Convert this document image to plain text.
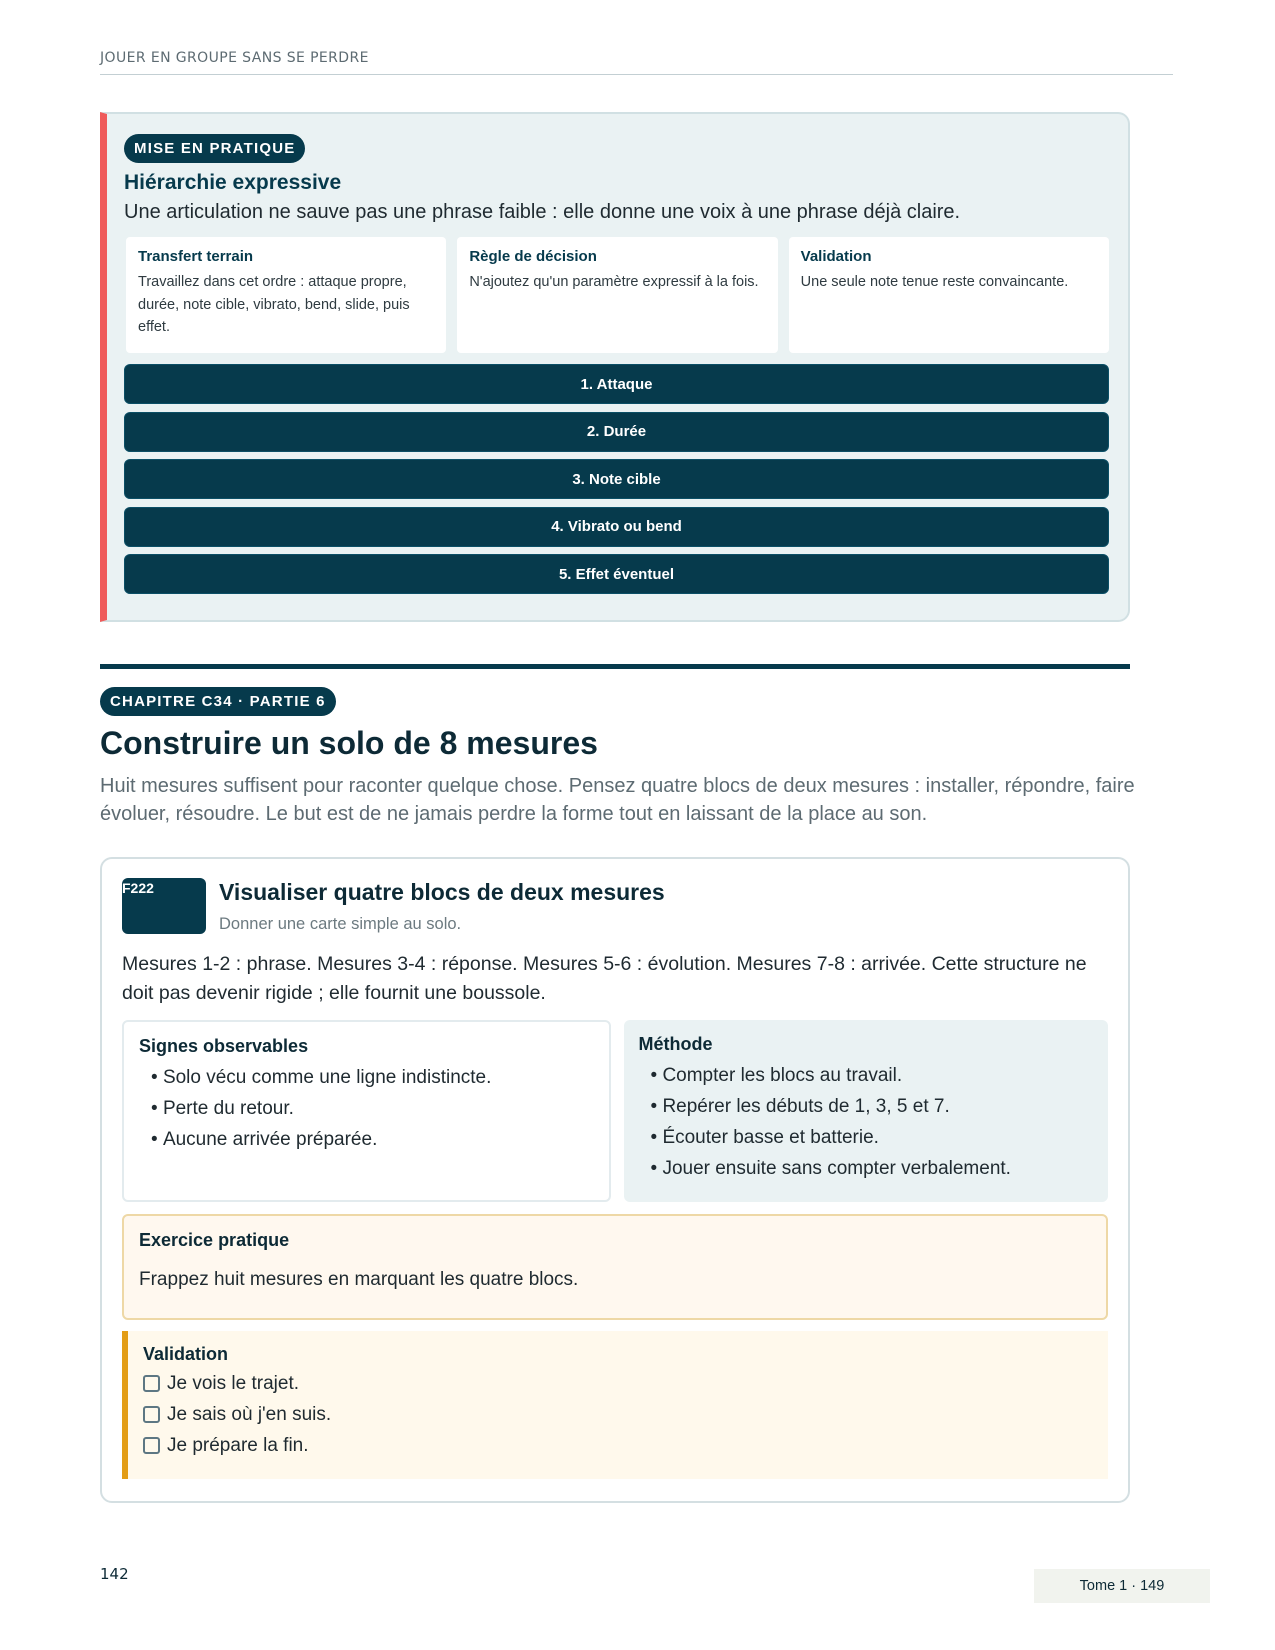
JOUER EN GROUPE SANS SE PERDRE
MISE EN PRATIQUE
Hiérarchie expressive
Une articulation ne sauve pas une phrase faible : elle donne une voix à une phrase déjà claire.
Transfert terrain
Travaillez dans cet ordre : attaque propre, durée, note cible, vibrato, bend, slide, puis effet.
Règle de décision
N'ajoutez qu'un paramètre expressif à la fois.
Validation
Une seule note tenue reste convaincante.
1. Attaque
2. Durée
3. Note cible
4. Vibrato ou bend
5. Effet éventuel
CHAPITRE C34 · PARTIE 6
Construire un solo de 8 mesures

Huit mesures suffisent pour raconter quelque chose. Pensez quatre blocs de deux mesures : installer, répondre, faire évoluer, résoudre. Le but est de ne jamais perdre la forme tout en laissant de la place au son.

F222	Visualiser quatre blocs de deux mesures
Donner une carte simple au solo.
Mesures 1-2 : phrase. Mesures 3-4 : réponse. Mesures 5-6 : évolution. Mesures 7-8 : arrivée. Cette structure ne doit pas devenir rigide ; elle fournit une boussole.
Signes observables
• Solo vécu comme une ligne indistincte.
• Perte du retour.
• Aucune arrivée préparée.
Méthode
• Compter les blocs au travail.
• Repérer les débuts de 1, 3, 5 et 7.
• Écouter basse et batterie.
• Jouer ensuite sans compter verbalement.
Exercice pratique
Frappez huit mesures en marquant les quatre blocs.
Validation
Je vois le trajet.
Je sais où j'en suis.
Je prépare la fin.
142
Tome 1 · 149
